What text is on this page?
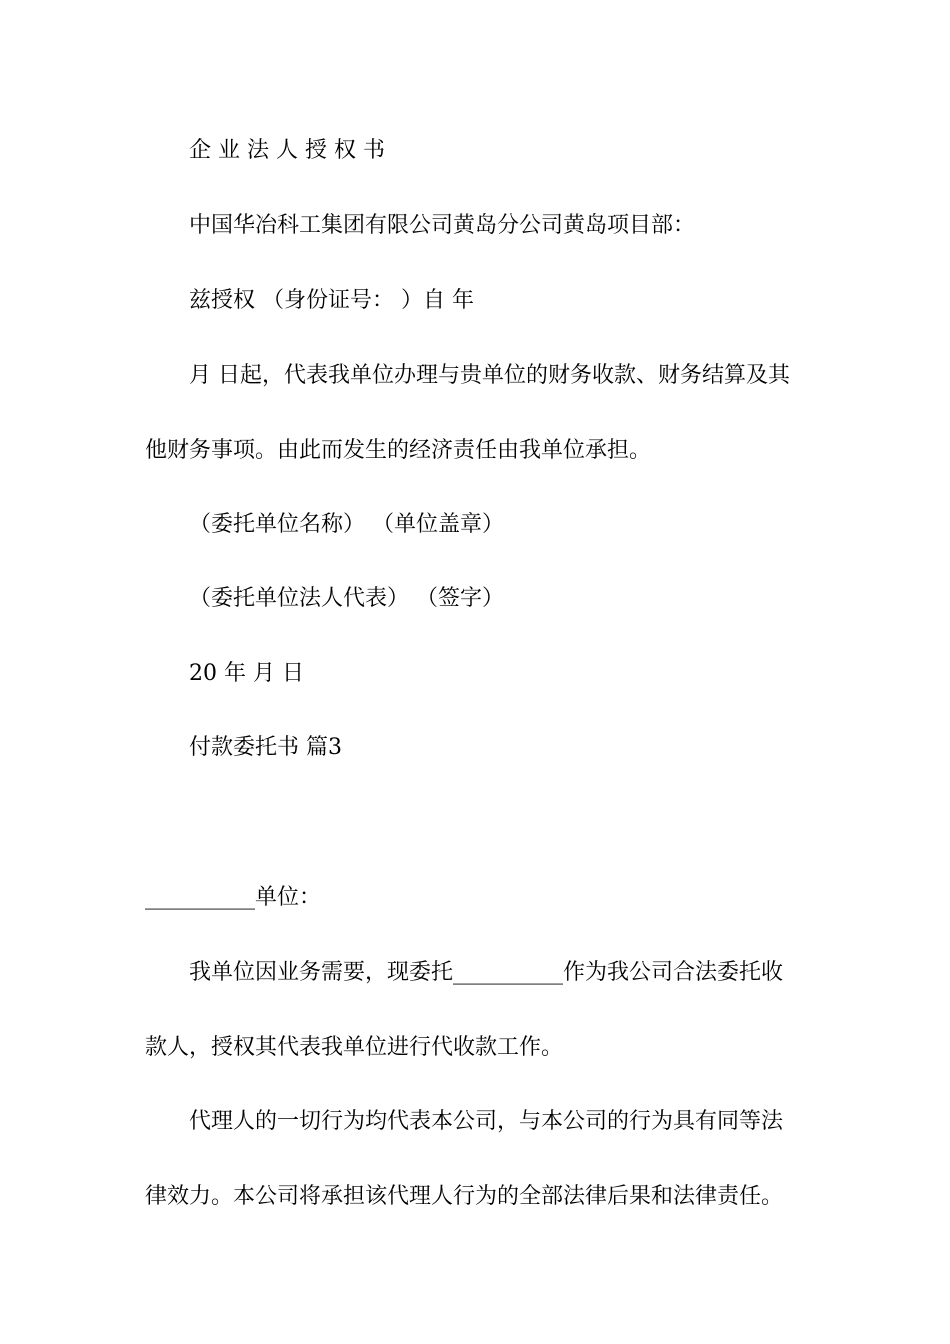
企 业 法 人 授 权 书

中国华冶科工集团有限公司黄岛分公司黄岛项目部：

兹授权 （身份证号： ）自 年

月 日起，代表我单位办理与贵单位的财务收款、财务结算及其

他财务事项。由此而发生的经济责任由我单位承担。

（委托单位名称） （单位盖章）

（委托单位法人代表） （签字）

20 年 月 日

付款委托书 篇3

__________单位：

我单位因业务需要，现委托__________作为我公司合法委托收

款人，授权其代表我单位进行代收款工作。

代理人的一切行为均代表本公司，与本公司的行为具有同等法

律效力。本公司将承担该代理人行为的全部法律后果和法律责任。
